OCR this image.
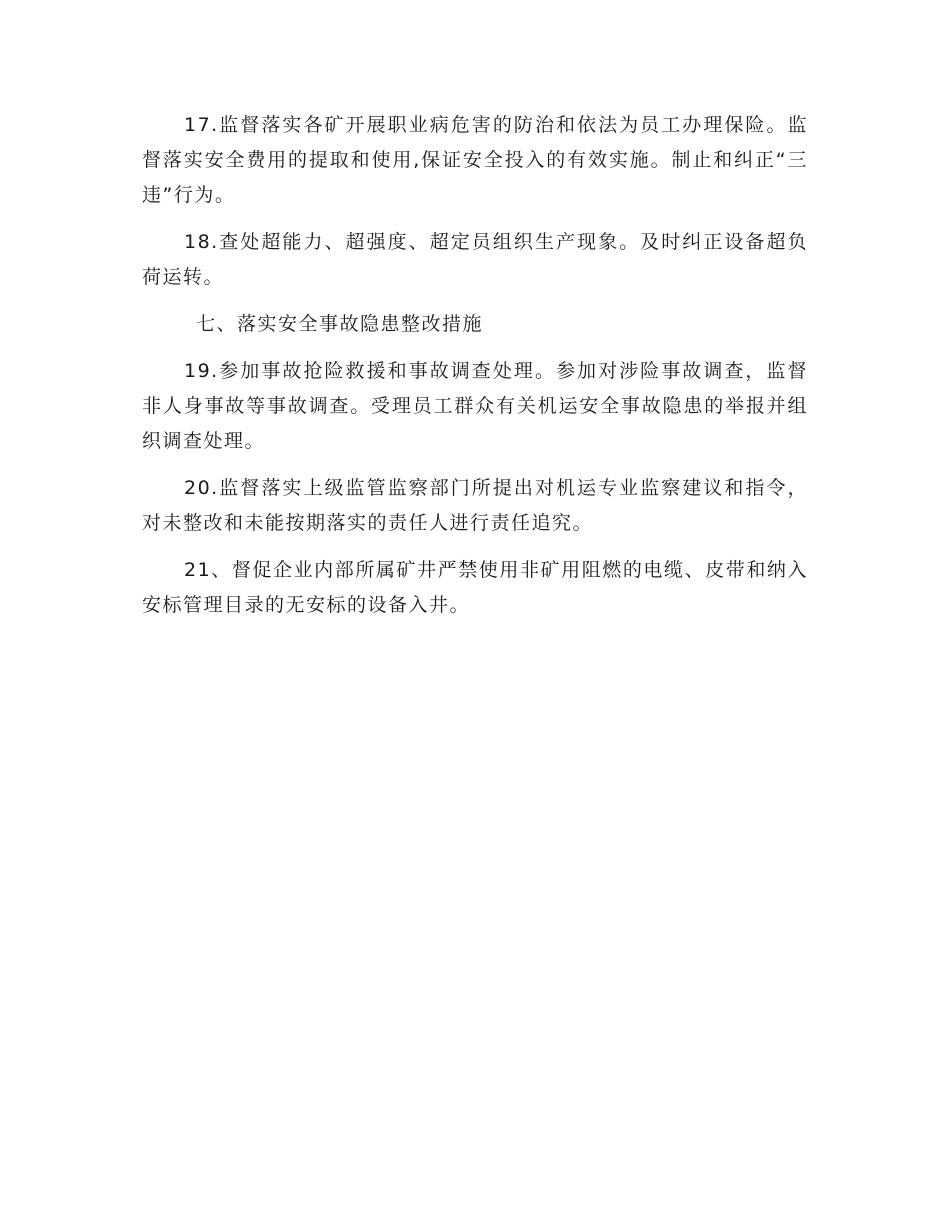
17.监督落实各矿开展职业病危害的防治和依法为员工办理保险。监督落实安全费用的提取和使用,保证安全投入的有效实施。制止和纠正“三违”行为。

18.查处超能力、超强度、超定员组织生产现象。及时纠正设备超负荷运转。

七、落实安全事故隐患整改措施

19.参加事故抢险救援和事故调查处理。参加对涉险事故调查，监督非人身事故等事故调查。受理员工群众有关机运安全事故隐患的举报并组织调查处理。

20.监督落实上级监管监察部门所提出对机运专业监察建议和指令，对未整改和未能按期落实的责任人进行责任追究。

21、督促企业内部所属矿井严禁使用非矿用阻燃的电缆、皮带和纳入安标管理目录的无安标的设备入井。
